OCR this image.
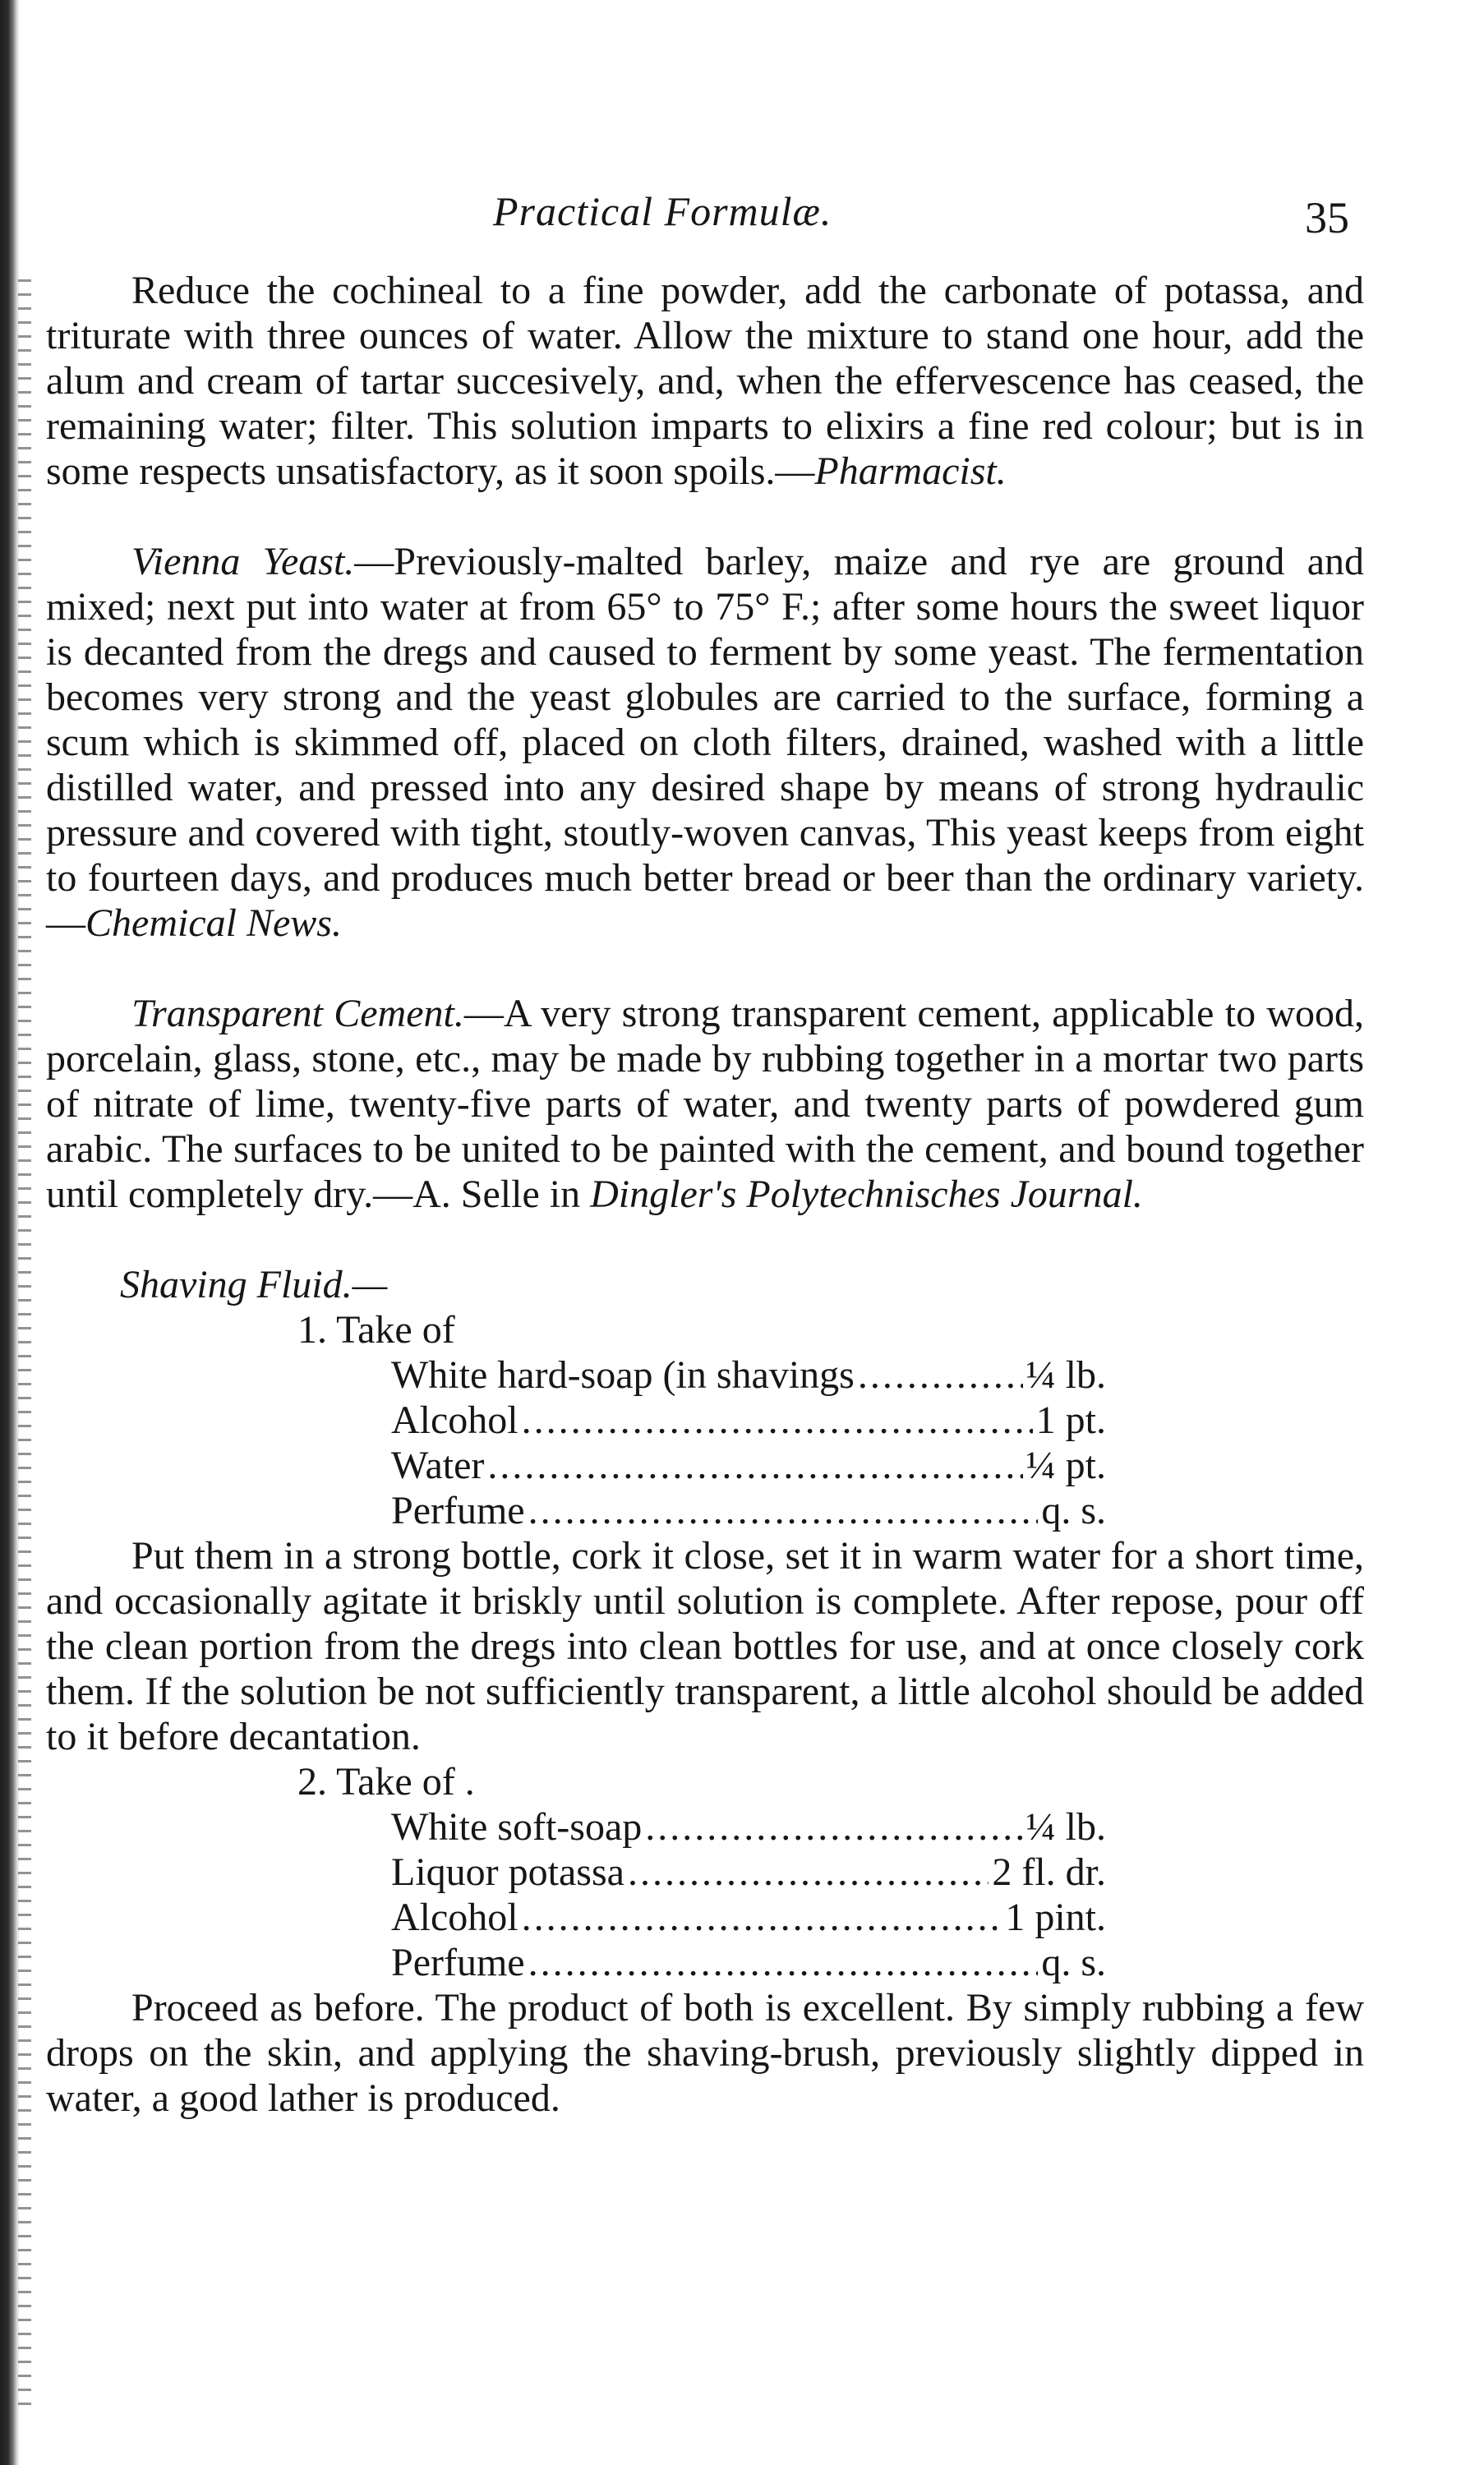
Practical Formulæ.	35

Reduce the cochineal to a fine powder, add the carbonate of potassa, and triturate with three ounces of water. Allow the mixture to stand one hour, add the alum and cream of tartar succesively, and, when the effervescence has ceased, the remaining water; filter. This solution imparts to elixirs a fine red colour; but is in some respects unsatisfactory, as it soon spoils.—Pharmacist.

Vienna Yeast.—Previously-malted barley, maize and rye are ground and mixed; next put into water at from 65° to 75° F.; after some hours the sweet liquor is decanted from the dregs and caused to ferment by some yeast. The fermentation becomes very strong and the yeast globules are carried to the surface, forming a scum which is skimmed off, placed on cloth filters, drained, washed with a little distilled water, and pressed into any desired shape by means of strong hydraulic pressure and covered with tight, stoutly-woven canvas, This yeast keeps from eight to fourteen days, and produces much better bread or beer than the ordinary variety.—Chemical News.

Transparent Cement.—A very strong transparent cement, applicable to wood, porcelain, glass, stone, etc., may be made by rubbing together in a mortar two parts of nitrate of lime, twenty-five parts of water, and twenty parts of powdered gum arabic. The surfaces to be united to be painted with the cement, and bound together until completely dry.—A. Selle in Dingler's Polytechnisches Journal.

Shaving Fluid.—

1. Take of

White hard-soap (in shavings .....	¼ lb.
Alcohol .....	1 pt.
Water .....	¼ pt.
Perfume .....	q. s.

Put them in a strong bottle, cork it close, set it in warm water for a short time, and occasionally agitate it briskly until solution is complete. After repose, pour off the clean portion from the dregs into clean bottles for use, and at once closely cork them. If the solution be not sufficiently transparent, a little alcohol should be added to it before decantation.

2. Take of .

White soft-soap .....	¼ lb.
Liquor potassa .....	2 fl. dr.
Alcohol .....	1 pint.
Perfume .....	q. s.

Proceed as before. The product of both is excellent. By simply rubbing a few drops on the skin, and applying the shaving-brush, previously slightly dipped in water, a good lather is produced.
